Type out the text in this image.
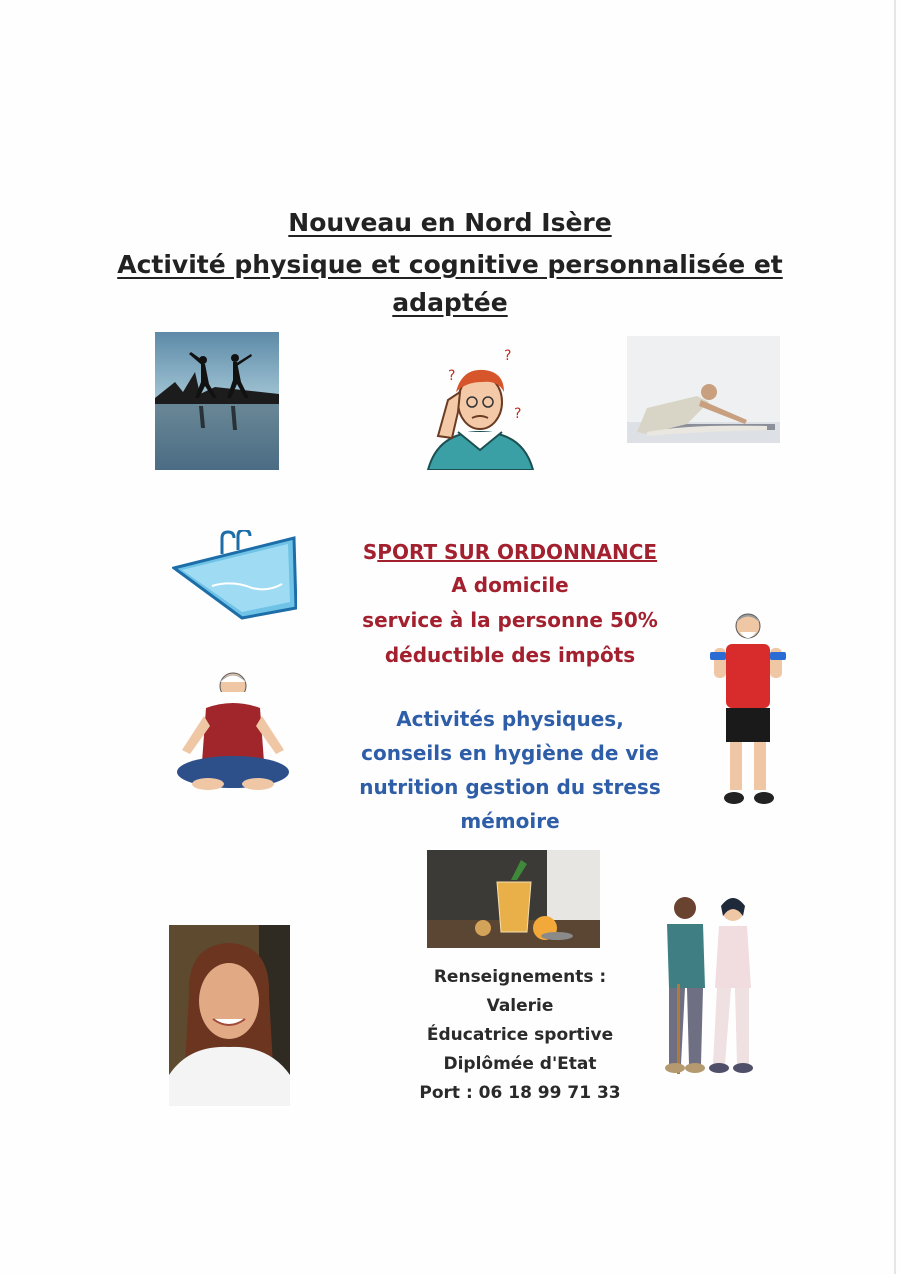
Nouveau en Nord Isère
Activité physique et cognitive personnalisée et
adaptée
?
?
?
SPORT SUR ORDONNANCE
A domicile
service à la personne 50%
déductible des impôts
Activités physiques,
conseils en hygiène de vie
nutrition gestion du stress
mémoire
Renseignements :
Valerie
Éducatrice sportive
Diplômée d'Etat
Port : 06 18 99 71 33
